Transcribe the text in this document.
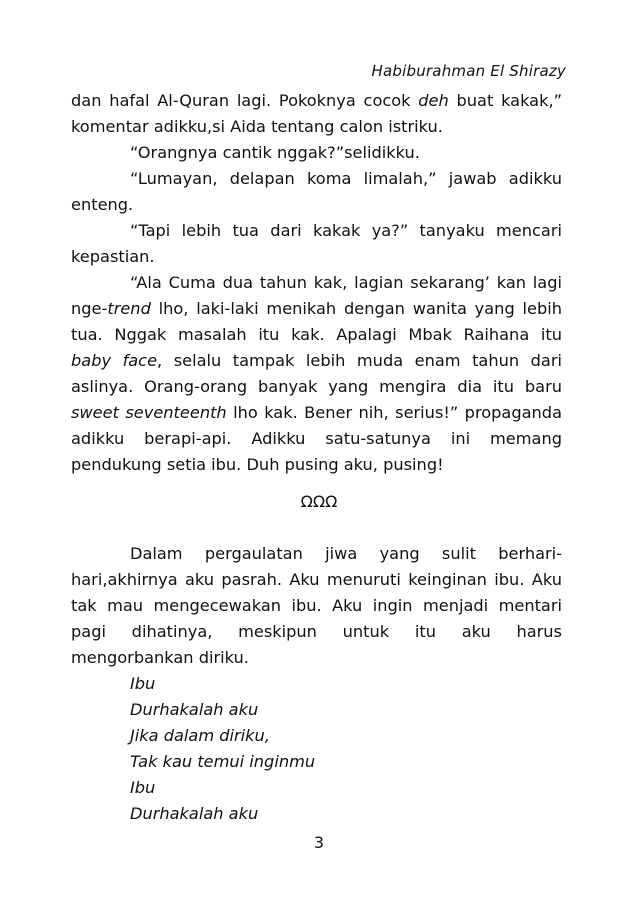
Habiburahman El Shirazy
dan hafal Al-Quran lagi. Pokoknya cocok deh buat kakak,”
komentar adikku,si Aida tentang calon istriku.
“Orangnya cantik nggak?”selidikku.
“Lumayan, delapan koma limalah,” jawab adikku
enteng.
“Tapi lebih tua dari kakak ya?” tanyaku mencari
kepastian.
“Ala Cuma dua tahun kak, lagian sekarang’ kan lagi
nge-trend lho, laki-laki menikah dengan wanita yang lebih
tua. Nggak masalah itu kak. Apalagi Mbak Raihana itu
baby face, selalu tampak lebih muda enam tahun dari
aslinya. Orang-orang banyak yang mengira dia itu baru
sweet seventeenth lho kak. Bener nih, serius!” propaganda
adikku berapi-api. Adikku satu-satunya ini memang
pendukung setia ibu. Duh pusing aku, pusing!
ΩΩΩ
Dalam pergaulatan jiwa yang sulit berhari-
hari,akhirnya aku pasrah. Aku menuruti keinginan ibu. Aku
tak mau mengecewakan ibu. Aku ingin menjadi mentari
pagi dihatinya, meskipun untuk itu aku harus
mengorbankan diriku.
Ibu
Durhakalah aku
Jika dalam diriku,
Tak kau temui inginmu
Ibu
Durhakalah aku
3
